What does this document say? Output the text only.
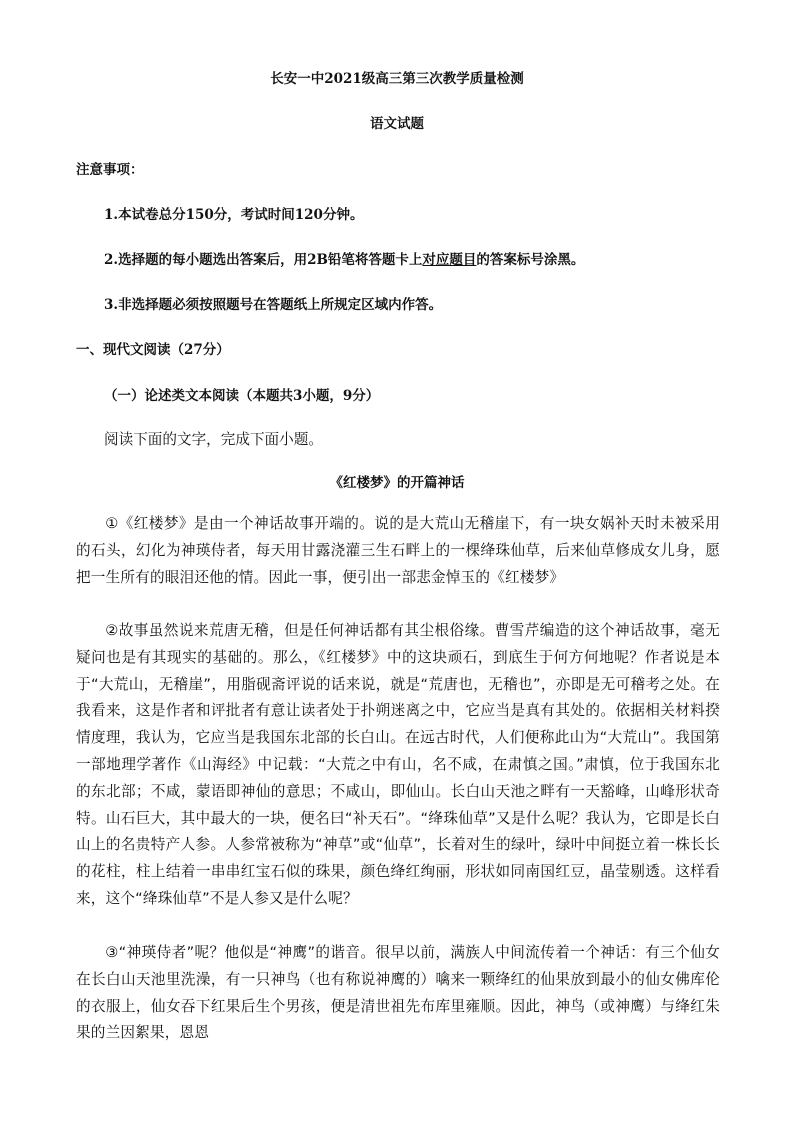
长安一中2021级高三第三次教学质量检测
语文试题
注意事项：
1.本试卷总分150分，考试时间120分钟。
2.选择题的每小题选出答案后，用2B铅笔将答题卡上对应题目的答案标号涂黑。
3.非选择题必须按照题号在答题纸上所规定区域内作答。
一、现代文阅读（27分）
（一）论述类文本阅读（本题共3小题，9分）
阅读下面的文字，完成下面小题。
《红楼梦》的开篇神话

①《红楼梦》是由一个神话故事开端的。说的是大荒山无稽崖下，有一块女娲补天时未被采用的石头，幻化为神瑛侍者，每天用甘露浇灌三生石畔上的一棵绛珠仙草，后来仙草修成女儿身，愿把一生所有的眼泪还他的情。因此一事，便引出一部悲金悼玉的《红楼梦》

②故事虽然说来荒唐无稽，但是任何神话都有其尘根俗缘。曹雪芹编造的这个神话故事，毫无疑问也是有其现实的基础的。那么，《红楼梦》中的这块顽石，到底生于何方何地呢？作者说是本于“大荒山，无稽崖”，用脂砚斋评说的话来说，就是“荒唐也，无稽也”，亦即是无可稽考之处。在我看来，这是作者和评批者有意让读者处于扑朔迷离之中，它应当是真有其处的。依据相关材料揆情度理，我认为，它应当是我国东北部的长白山。在远古时代，人们便称此山为“大荒山”。我国第一部地理学著作《山海经》中记载：“大荒之中有山，名不咸，在肃慎之国。”肃慎，位于我国东北的东北部；不咸，蒙语即神仙的意思；不咸山，即仙山。长白山天池之畔有一天豁峰，山峰形状奇特。山石巨大，其中最大的一块，便名曰“补天石”。“绛珠仙草”又是什么呢？我认为，它即是长白山上的名贵特产人参。人参常被称为“神草”或“仙草”，长着对生的绿叶，绿叶中间挺立着一株长长的花柱，柱上结着一串串红宝石似的珠果，颜色绛红绚丽，形状如同南国红豆，晶莹剔透。这样看来，这个“绛珠仙草”不是人参又是什么呢？

③“神瑛侍者”呢？他似是“神鹰”的谐音。很早以前，满族人中间流传着一个神话：有三个仙女在长白山天池里洗澡，有一只神鸟（也有称说神鹰的）噙来一颗绛红的仙果放到最小的仙女佛库伦的衣服上，仙女吞下红果后生个男孩，便是清世祖先布库里雍顺。因此，神鸟（或神鹰）与绛红朱果的兰因絮果，恩恩
